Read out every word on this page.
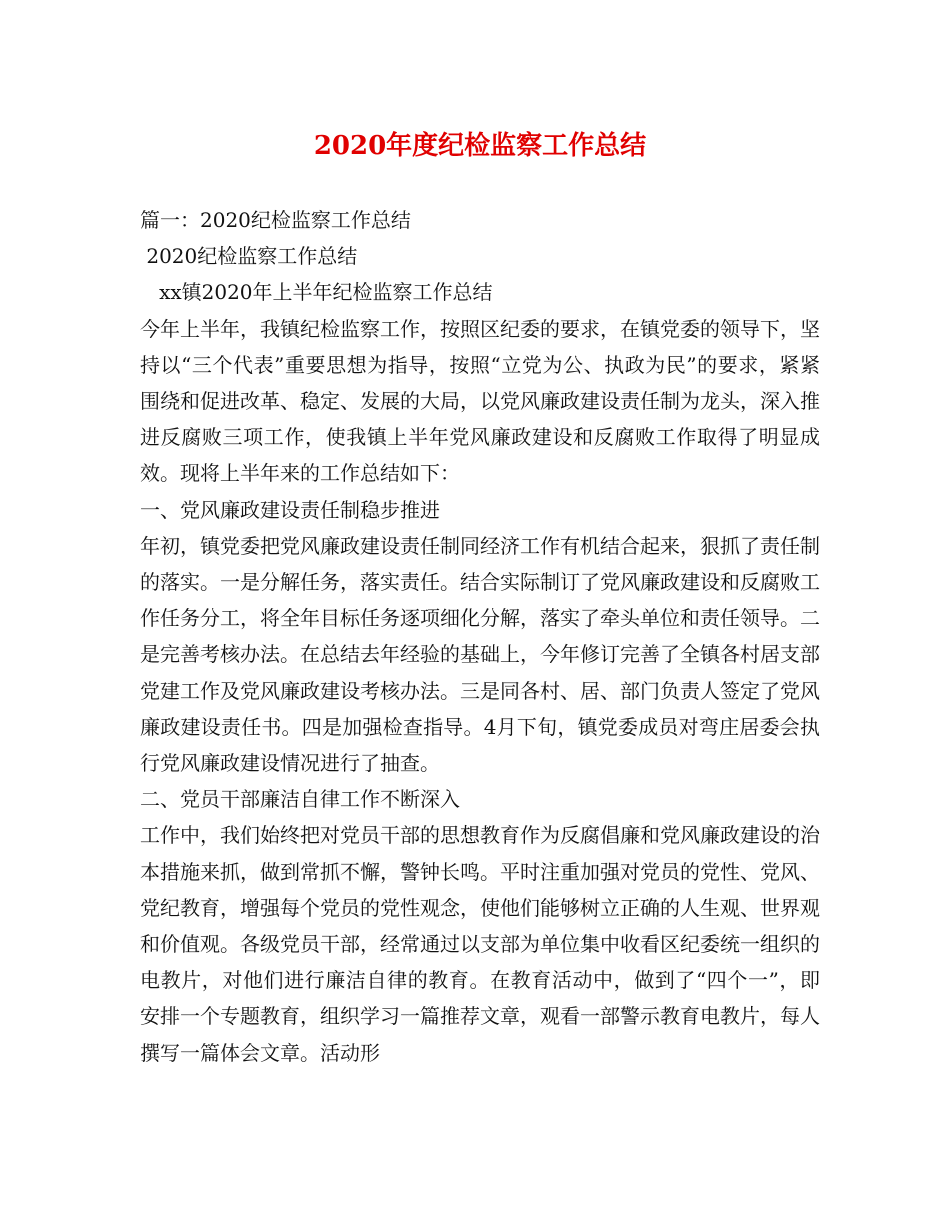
2020年度纪检监察工作总结
篇一：2020纪检监察工作总结
2020纪检监察工作总结
xx镇2020年上半年纪检监察工作总结

今年上半年，我镇纪检监察工作，按照区纪委的要求，在镇党委的领导下，坚持以“三个代表”重要思想为指导，按照“立党为公、执政为民”的要求，紧紧围绕和促进改革、稳定、发展的大局，以党风廉政建设责任制为龙头，深入推进反腐败三项工作，使我镇上半年党风廉政建设和反腐败工作取得了明显成效。现将上半年来的工作总结如下：

一、党风廉政建设责任制稳步推进

年初，镇党委把党风廉政建设责任制同经济工作有机结合起来，狠抓了责任制的落实。一是分解任务，落实责任。结合实际制订了党风廉政建设和反腐败工作任务分工，将全年目标任务逐项细化分解，落实了牵头单位和责任领导。二是完善考核办法。在总结去年经验的基础上，今年修订完善了全镇各村居支部党建工作及党风廉政建设考核办法。三是同各村、居、部门负责人签定了党风廉政建设责任书。四是加强检查指导。4月下旬，镇党委成员对弯庄居委会执行党风廉政建设情况进行了抽查。

二、党员干部廉洁自律工作不断深入

工作中，我们始终把对党员干部的思想教育作为反腐倡廉和党风廉政建设的治本措施来抓，做到常抓不懈，警钟长鸣。平时注重加强对党员的党性、党风、党纪教育，增强每个党员的党性观念，使他们能够树立正确的人生观、世界观和价值观。各级党员干部，经常通过以支部为单位集中收看区纪委统一组织的电教片，对他们进行廉洁自律的教育。在教育活动中，做到了“四个一”，即安排一个专题教育，组织学习一篇推荐文章，观看一部警示教育电教片，每人撰写一篇体会文章。活动形
